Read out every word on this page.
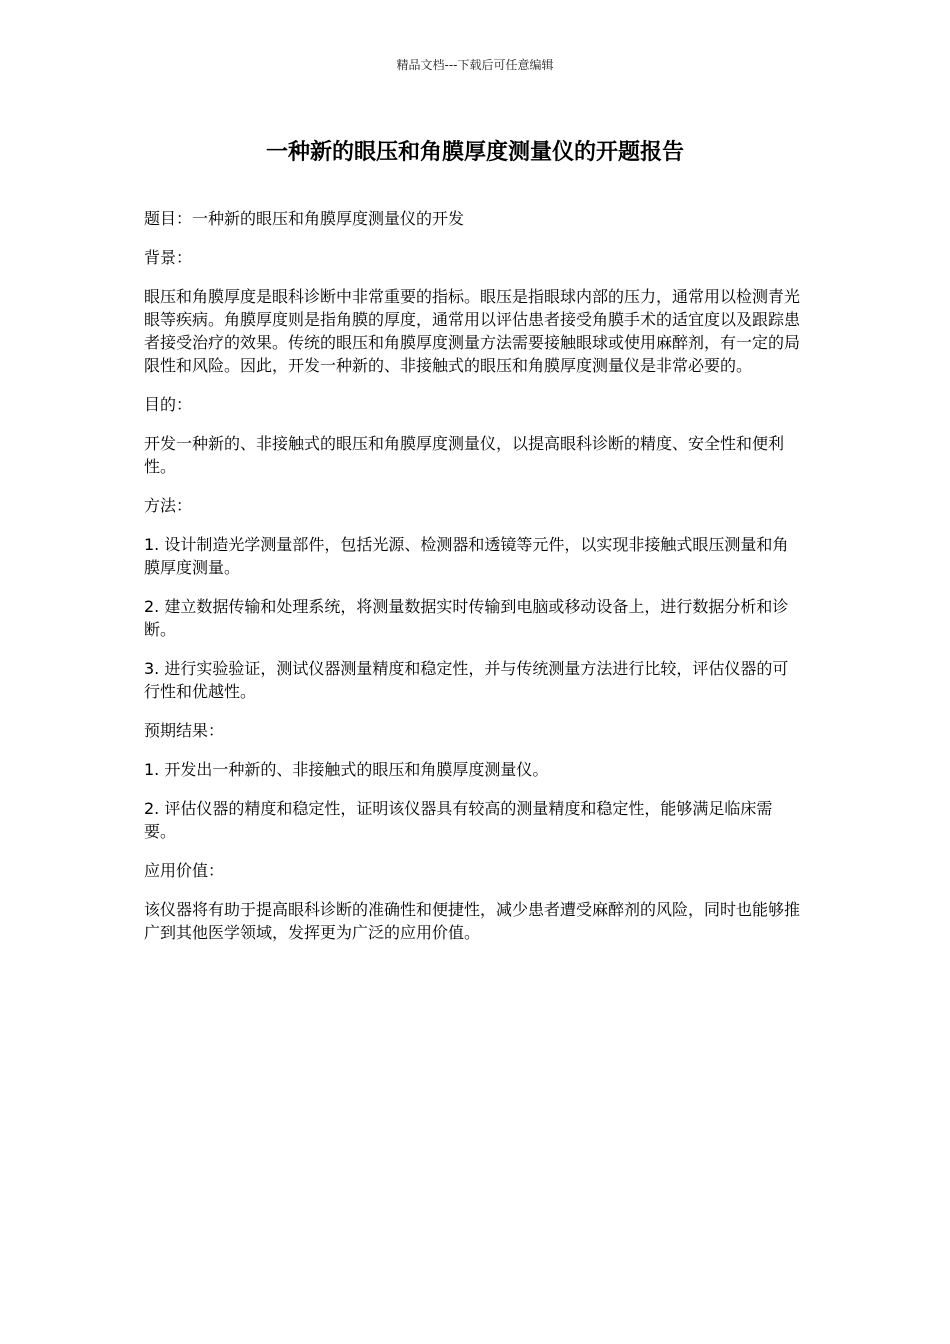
精品文档---下载后可任意编辑
一种新的眼压和角膜厚度测量仪的开题报告

题目：一种新的眼压和角膜厚度测量仪的开发

背景：

眼压和角膜厚度是眼科诊断中非常重要的指标。眼压是指眼球内部的压力，通常用以检测青光眼等疾病。角膜厚度则是指角膜的厚度，通常用以评估患者接受角膜手术的适宜度以及跟踪患者接受治疗的效果。传统的眼压和角膜厚度测量方法需要接触眼球或使用麻醉剂，有一定的局限性和风险。因此，开发一种新的、非接触式的眼压和角膜厚度测量仪是非常必要的。

目的：

开发一种新的、非接触式的眼压和角膜厚度测量仪，以提高眼科诊断的精度、安全性和便利性。

方法：

1. 设计制造光学测量部件，包括光源、检测器和透镜等元件，以实现非接触式眼压测量和角膜厚度测量。

2. 建立数据传输和处理系统，将测量数据实时传输到电脑或移动设备上，进行数据分析和诊断。

3. 进行实验验证，测试仪器测量精度和稳定性，并与传统测量方法进行比较，评估仪器的可行性和优越性。

预期结果：

1. 开发出一种新的、非接触式的眼压和角膜厚度测量仪。

2. 评估仪器的精度和稳定性，证明该仪器具有较高的测量精度和稳定性，能够满足临床需要。

应用价值：

该仪器将有助于提高眼科诊断的准确性和便捷性，减少患者遭受麻醉剂的风险，同时也能够推广到其他医学领域，发挥更为广泛的应用价值。
